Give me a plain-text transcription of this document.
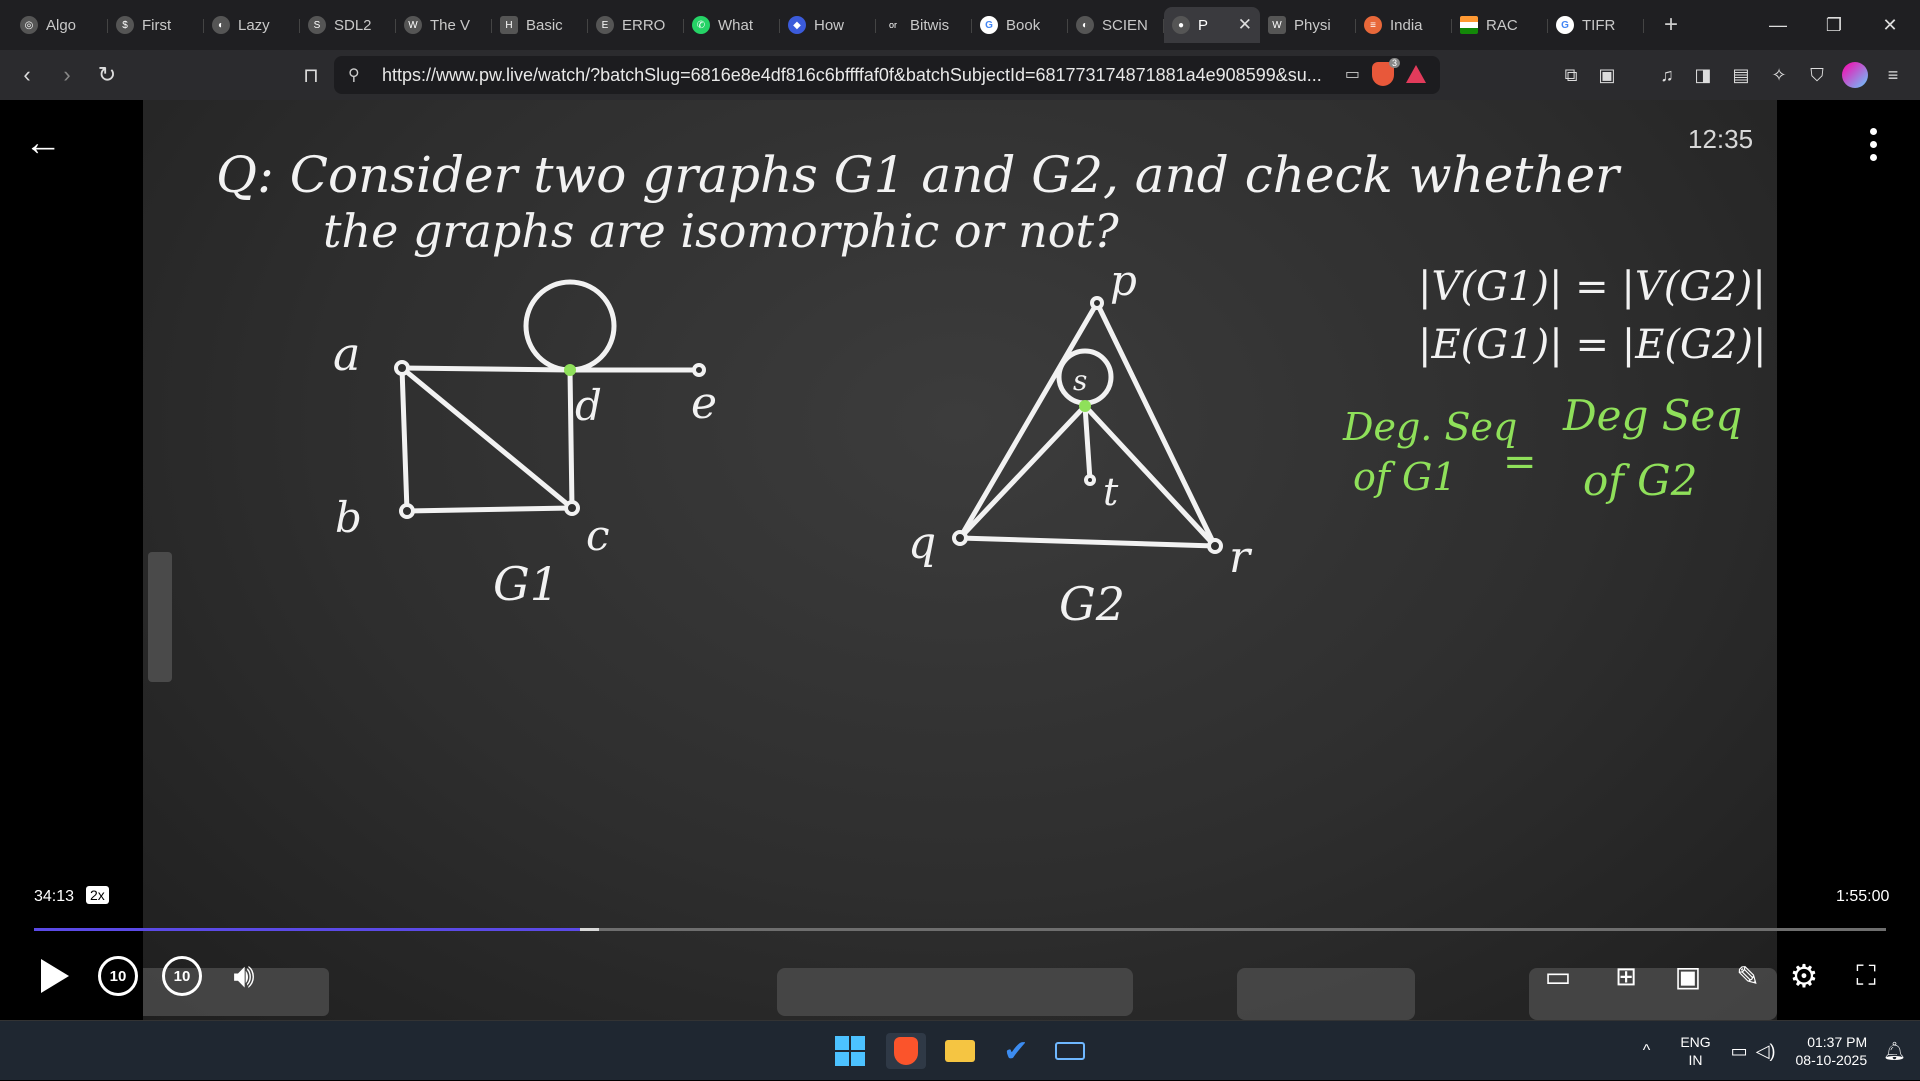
◎ Algo	$ First	◐ Lazy	S SDL2	W The V	H Basic	E ERRO	✆ What	◆ How	or Bitwis	G Book	◐ SCIEN	● P ✕	W Physi	≡ India	RAC	G TIFR	+	—	❐	✕
‹	›	↻	⊓	⚲ https://www.pw.live/watch/?batchSlug=6816e8e4df816c6bffffaf0f&batchSubjectId=681773174871881a4e908599&su...	▭
3
⧉	▣	♫	◨ ▤	✧	⛉	≡
Q: Consider two graphs G1 and G2, and check whether
the graphs are isomorphic or not?
a
b	c
d e
G1
p
q	r
s
t
G2
|V(G1)| = |V(G2)|
|E(G1)| = |E(G2)|
Deg. Seq
of G1 =
Deg Seq
of G2
←	12:35
34:13 2x	1:55:00
10	10	🔊︎	▭ ⊞ ▣ ✎ ⚙ ⛶
✔	^ ENG
IN	▭ ◁)	01:37 PM
08-10-2025 🔔︎
